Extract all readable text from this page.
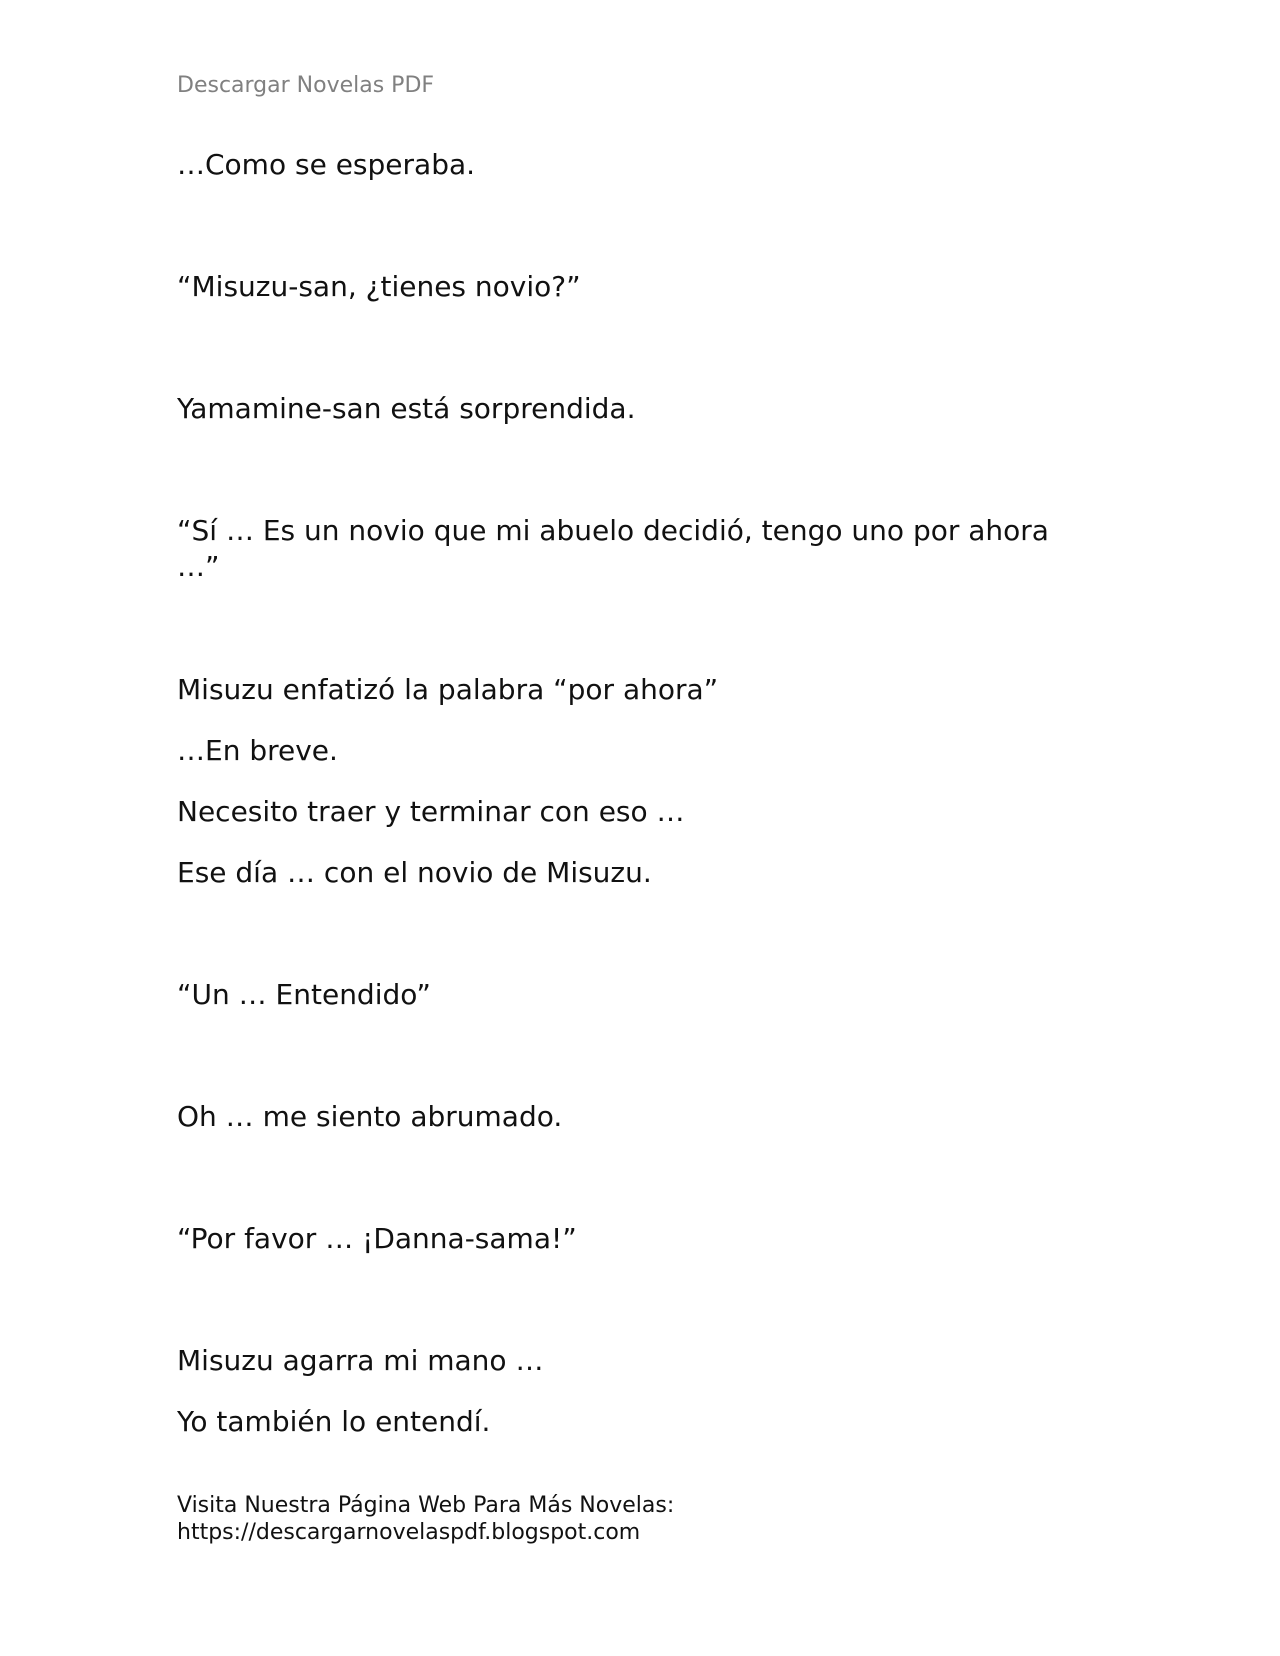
Descargar Novelas PDF

…Como se esperaba.

“Misuzu-san, ¿tienes novio?”

Yamamine-san está sorprendida.

“Sí … Es un novio que mi abuelo decidió, tengo uno por ahora …”

Misuzu enfatizó la palabra “por ahora”

…En breve.

Necesito traer y terminar con eso …

Ese día … con el novio de Misuzu.

“Un … Entendido”

Oh … me siento abrumado.

“Por favor … ¡Danna-sama!”

Misuzu agarra mi mano …

Yo también lo entendí.

Visita Nuestra Página Web Para Más Novelas:
https://descargarnovelaspdf.blogspot.com
